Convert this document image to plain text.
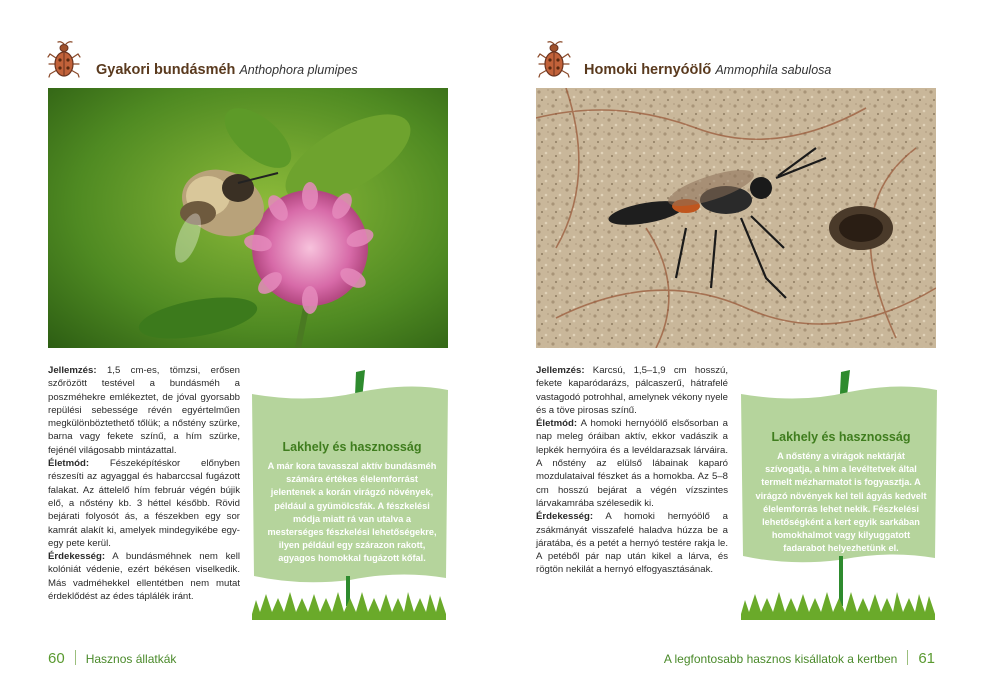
Gyakori bundásméh Anthophora plumipes

Jellemzés: 1,5 cm-es, tömzsi, erősen szőrözött testével a bundásméh a poszméhekre emlékeztet, de jóval gyorsabb repülési sebessége révén egyértelműen megkülönböztethető tőlük; a nőstény szürke, barna vagy fekete színű, a hím szürke, fejénél világosabb mintázattal.

Életmód: Fészeképítéskor előnyben részesíti az agyaggal és habarccsal fugázott falakat. Az áttelelő hím február végén bújik elő, a nőstény kb. 3 héttel később. Rövid bejárati folyosót ás, a fészekben egy sor kamrát alakít ki, amelyek mindegyikébe egy-egy pete kerül.

Érdekesség: A bundásméhnek nem kell kolóniát védenie, ezért békésen viselkedik. Más vadméhekkel ellentétben nem mutat érdeklődést az édes táplálék iránt.

Lakhely és hasznosság
A már kora tavasszal aktív bundásméh számára értékes élelemforrást jelentenek a korán virágzó növények, például a gyümölcsfák. A fészkelési módja miatt rá van utalva a mesterséges fészkelési lehetőségekre, ilyen például egy szárazon rakott, agyagos homokkal fugázott kőfal.
60 Hasznos állatkák
Homoki hernyóölő Ammophila sabulosa

Jellemzés: Karcsú, 1,5–1,9 cm hosszú, fekete kaparódarázs, pálcaszerű, hátrafelé vastagodó potrohhal, amelynek vékony nyele és a töve pirosas színű.

Életmód: A homoki hernyóölő elsősorban a nap meleg óráiban aktív, ekkor vadászik a lepkék hernyóira és a levéldarazsak lárváira. A nőstény az elülső lábainak kaparó mozdulataival fészket ás a homokba. Az 5–8 cm hosszú bejárat a végén vízszintes lárvakamrába szélesedik ki.

Érdekesség: A homoki hernyóölő a zsákmányát visszafelé haladva húzza be a járatába, és a petét a hernyó testére rakja le. A petéből pár nap után kikel a lárva, és rögtön nekilát a hernyó elfogyasztásának.

Lakhely és hasznosság
A nőstény a virágok nektárját szívogatja, a hím a levéltetvek által termelt mézharmatot is fogyasztja. A virágzó növények kel teli ágyás kedvelt élelemforrás lehet nekik. Fészkelési lehetőségként a kert egyik sarkában homokhalmot vagy kilyuggatott fadarabot helyezhetünk el.
A legfontosabb hasznos kisállatok a kertben 61
